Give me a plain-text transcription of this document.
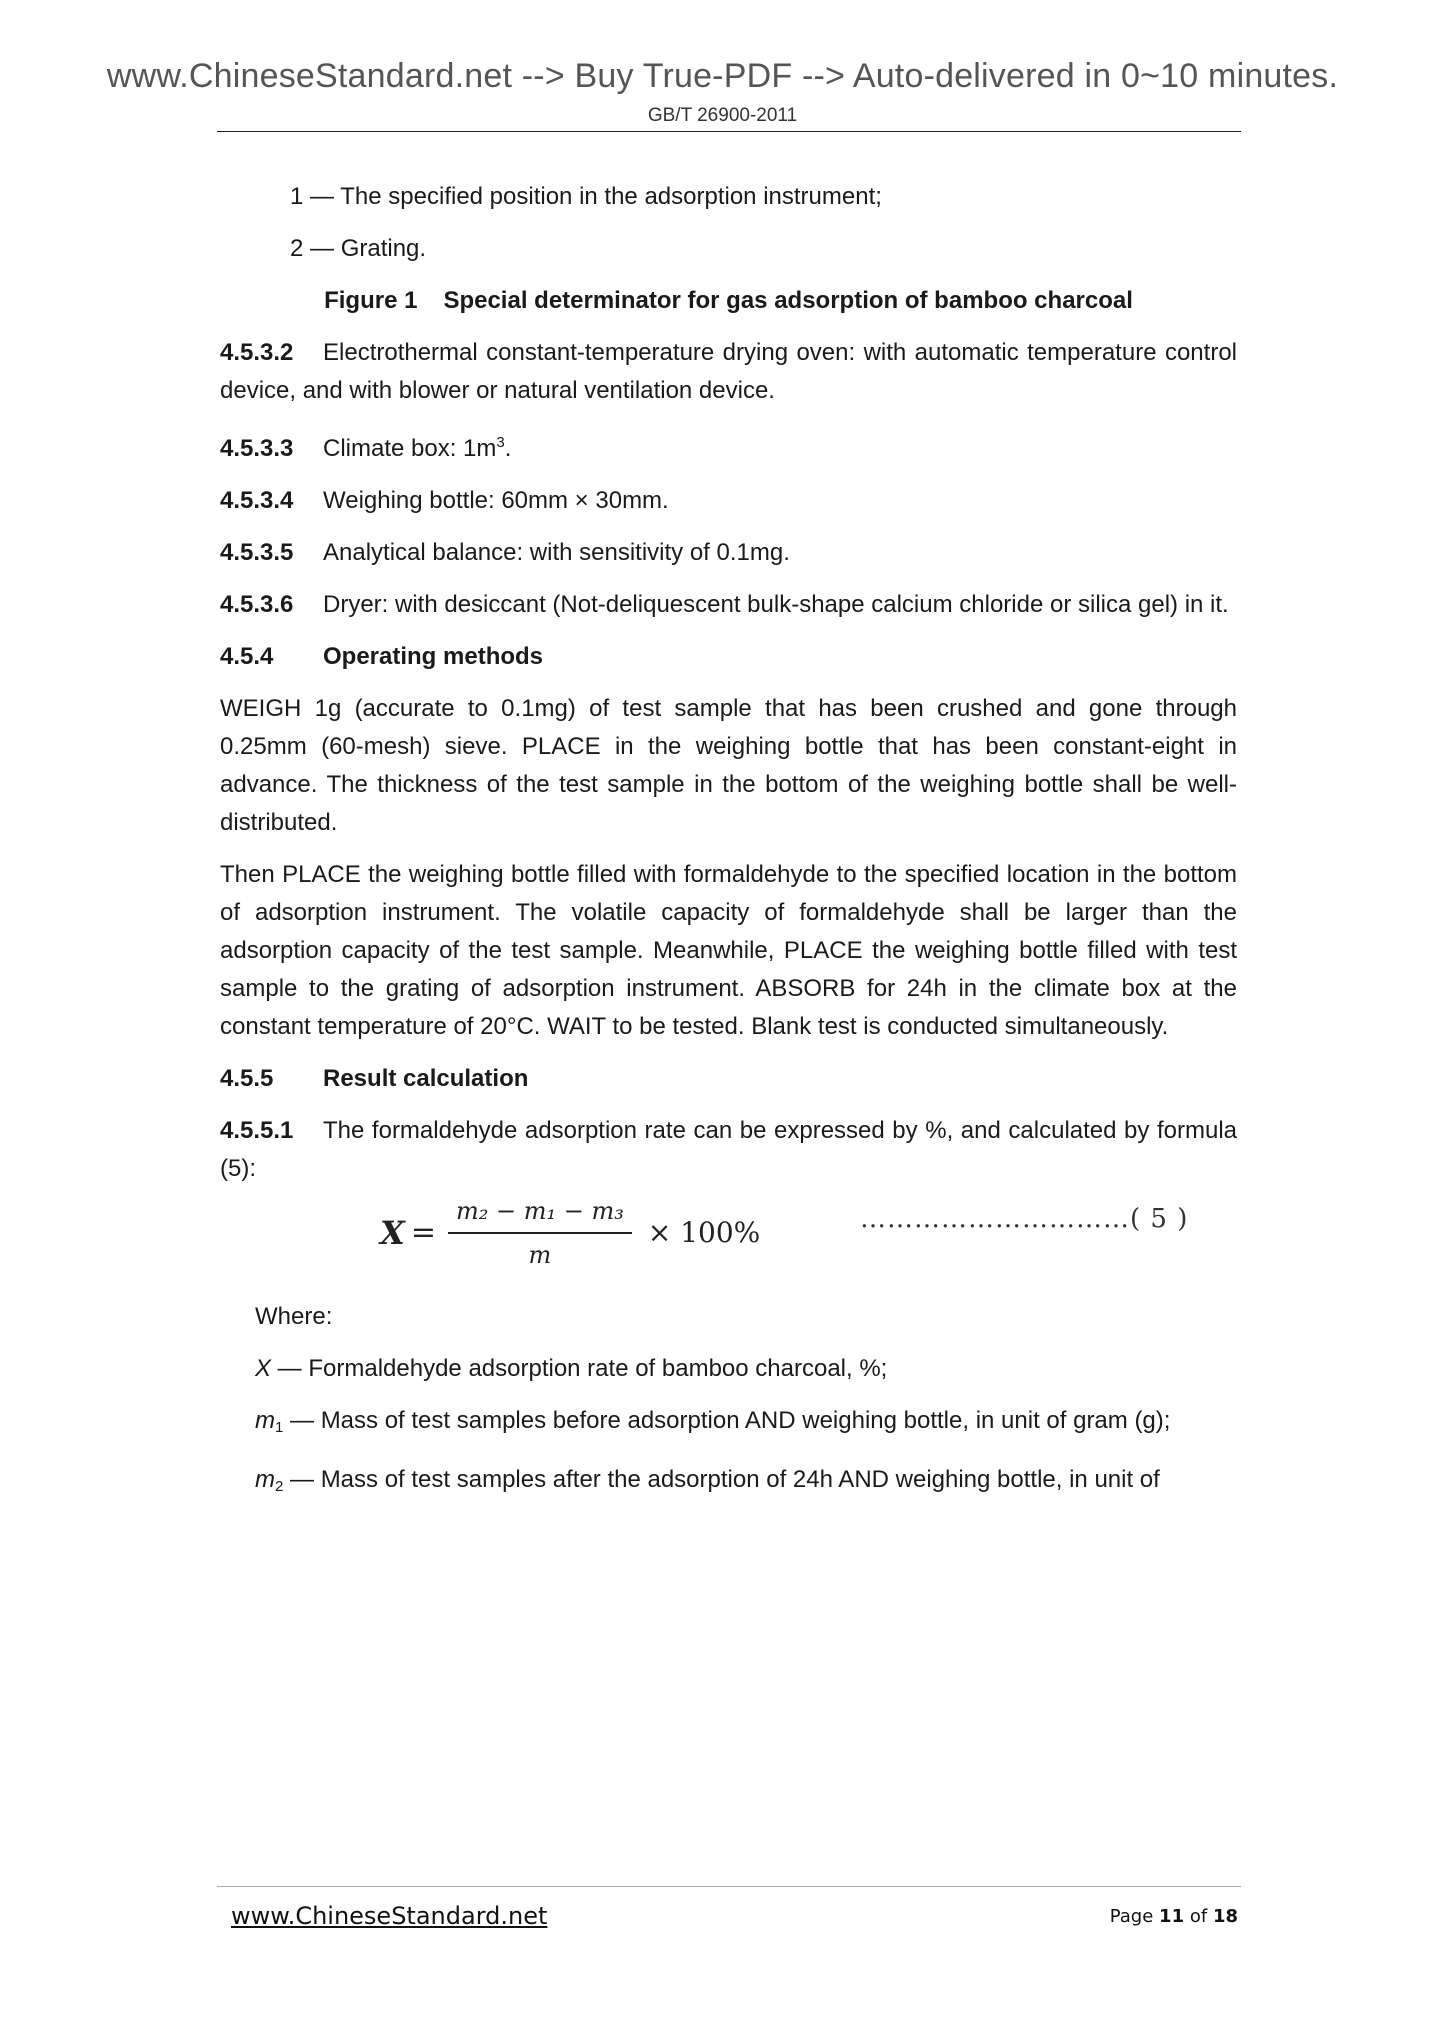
www.ChineseStandard.net --> Buy True-PDF --> Auto-delivered in 0~10 minutes.
GB/T 26900-2011

1 — The specified position in the adsorption instrument;

2 — Grating.

Figure 1 Special determinator for gas adsorption of bamboo charcoal

4.5.3.2 Electrothermal constant-temperature drying oven: with automatic temperature control device, and with blower or natural ventilation device.

4.5.3.3 Climate box: $1m^3$.

4.5.3.4 Weighing bottle: 60mm × 30mm.

4.5.3.5 Analytical balance: with sensitivity of 0.1mg.

4.5.3.6 Dryer: with desiccant (Not-deliquescent bulk-shape calcium chloride or silica gel) in it.

4.5.4 Operating methods

WEIGH 1g (accurate to 0.1mg) of test sample that has been crushed and gone through 0.25mm (60-mesh) sieve. PLACE in the weighing bottle that has been constant-eight in advance. The thickness of the test sample in the bottom of the weighing bottle shall be well-distributed.

Then PLACE the weighing bottle filled with formaldehyde to the specified location in the bottom of adsorption instrument. The volatile capacity of formaldehyde shall be larger than the adsorption capacity of the test sample. Meanwhile, PLACE the weighing bottle filled with test sample to the grating of adsorption instrument. ABSORB for 24h in the climate box at the constant temperature of 20°C. WAIT to be tested. Blank test is conducted simultaneously.

4.5.5 Result calculation

4.5.5.1 The formaldehyde adsorption rate can be expressed by %, and calculated by formula (5):

$X = \frac{\text{m₂ − m₁ − m₃}}{m} \times 100\%$	…………………………( 5 )

Where:

X — Formaldehyde adsorption rate of bamboo charcoal, %;

$m_1$ — Mass of test samples before adsorption AND weighing bottle, in unit of gram (g);

$m_2$ — Mass of test samples after the adsorption of 24h AND weighing bottle, in unit of

www.ChineseStandard.net	Page 11 of 18
